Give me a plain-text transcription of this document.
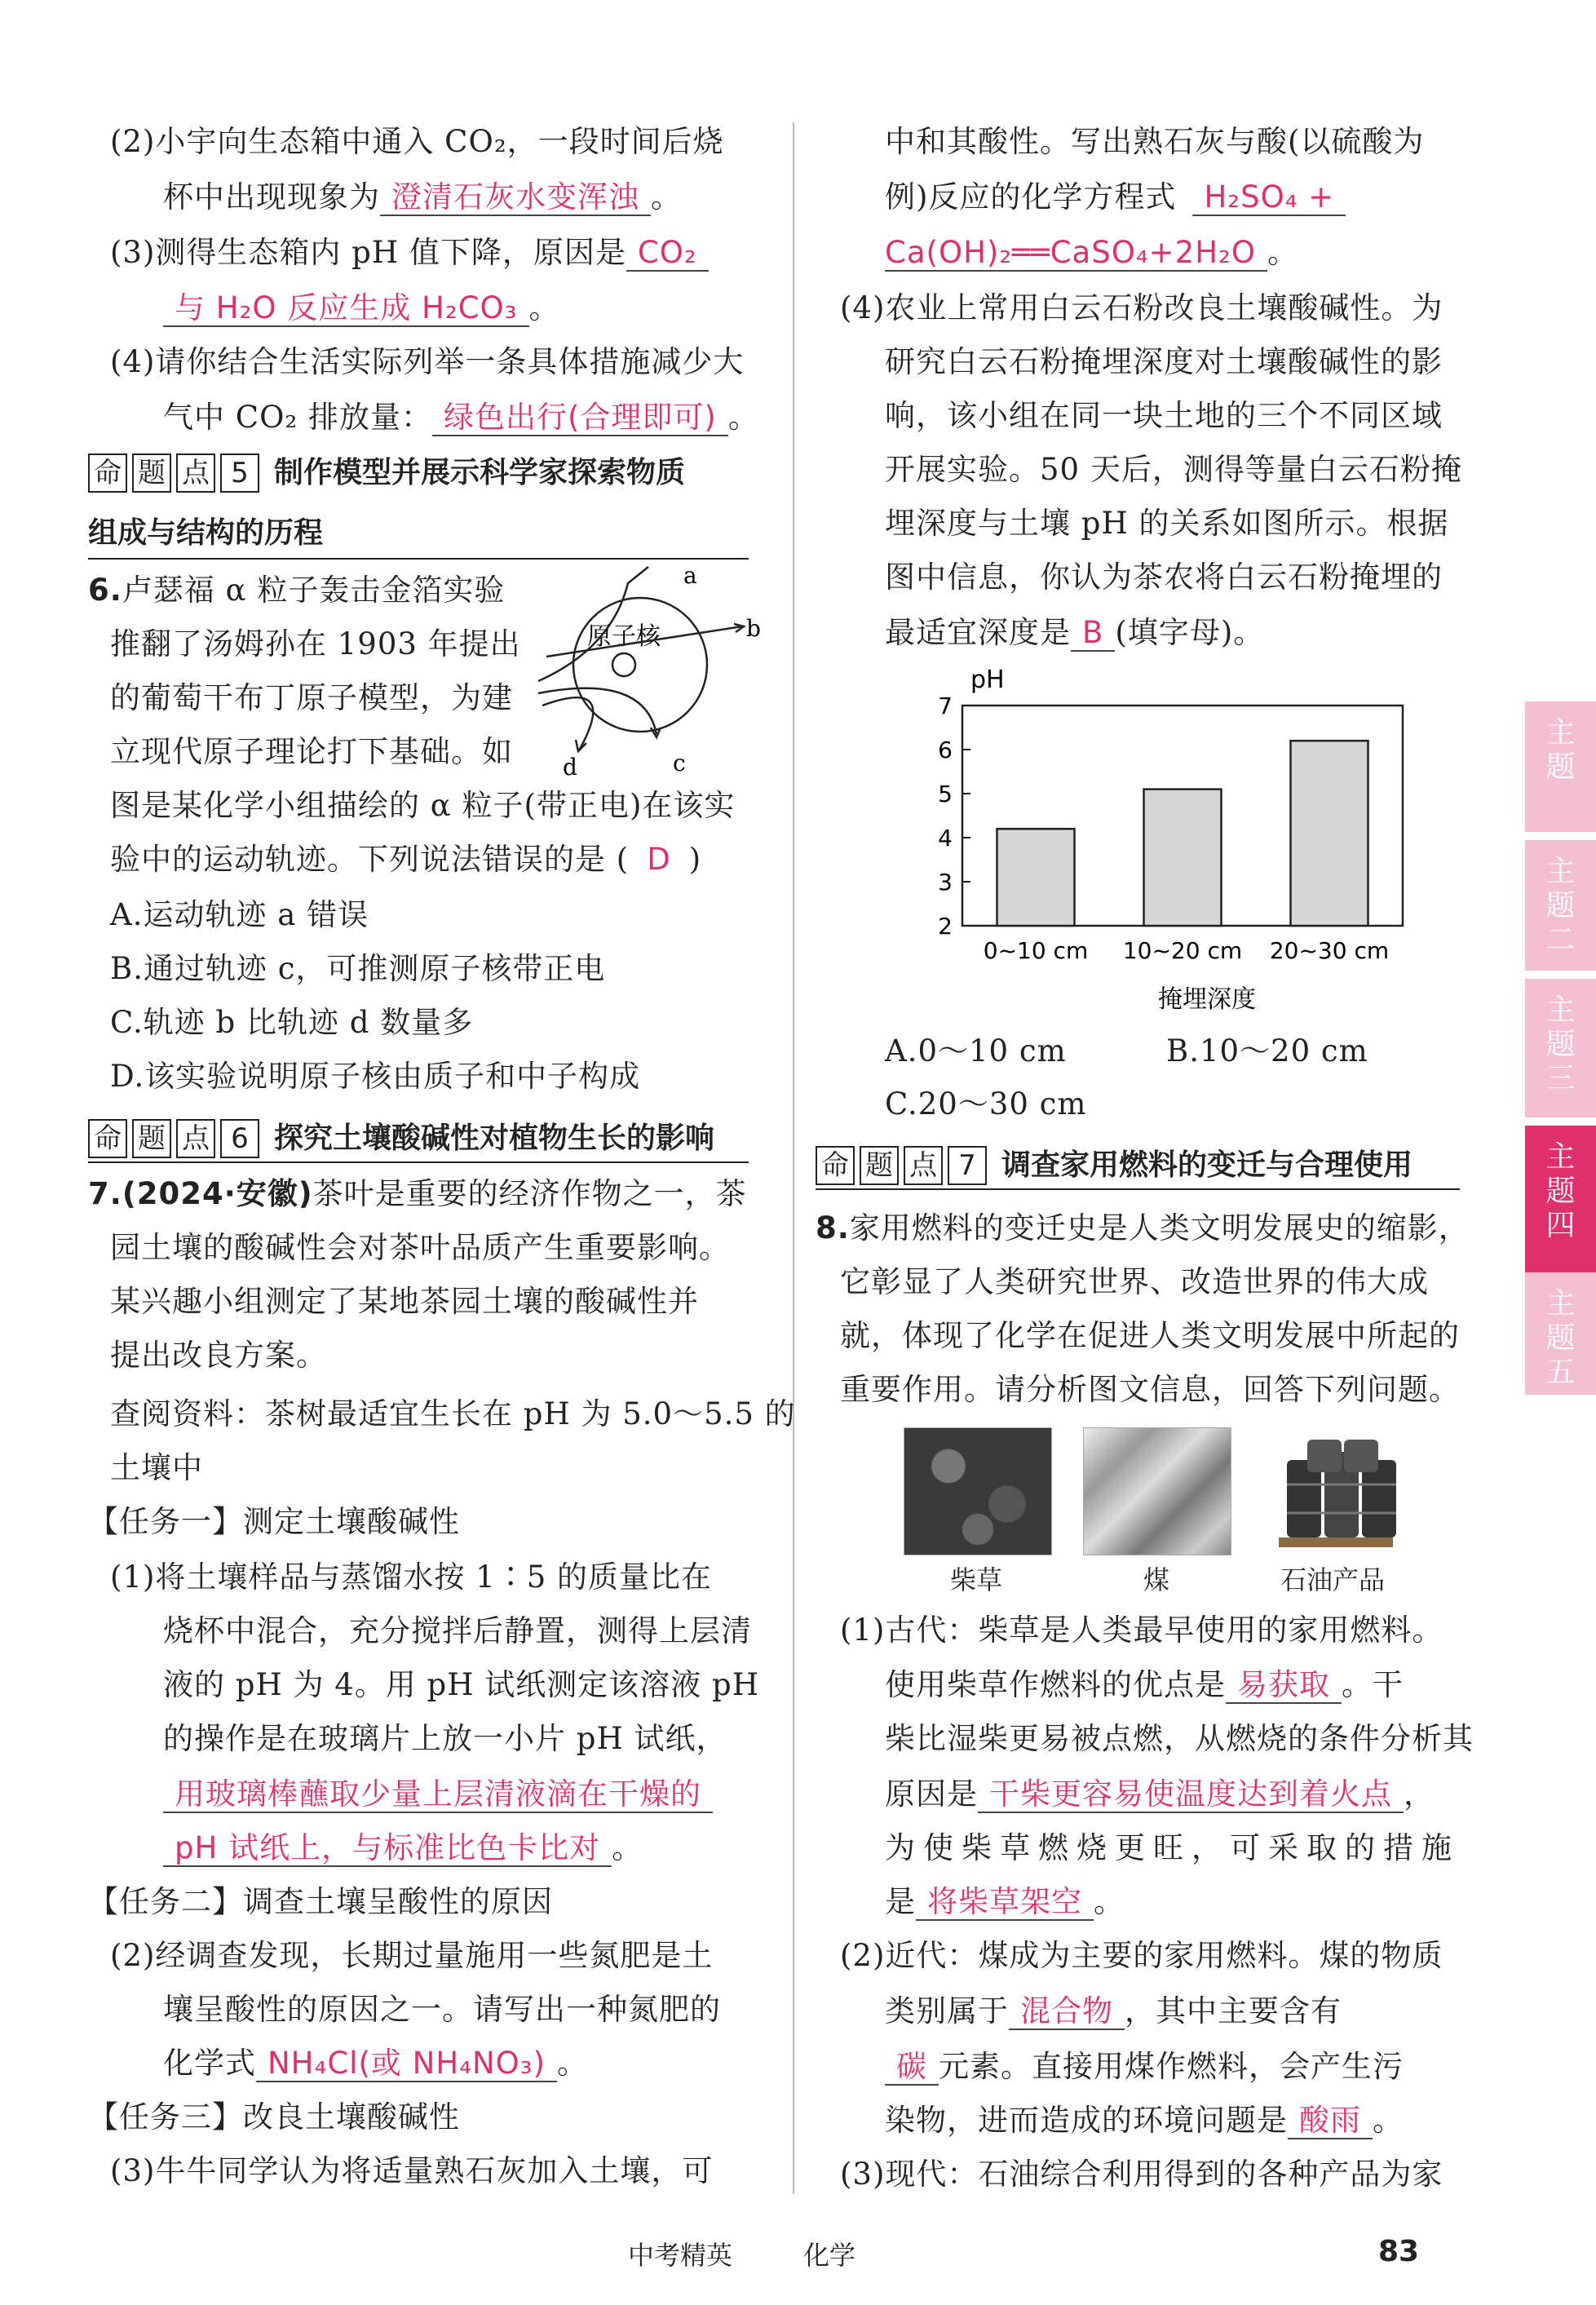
(2)小宇向生态箱中通入 CO₂，一段时间后烧
杯中出现现象为 澄清石灰水变浑浊 。
(3)测得生态箱内 pH 值下降，原因是 CO₂
与 H₂O 反应生成 H₂CO₃ 。
(4)请你结合生活实际列举一条具体措施减少大
气中 CO₂ 排放量： 绿色出行(合理即可) 。
命 题 点 5 制作模型并展示科学家探索物质
组成与结构的历程
6.卢瑟福 α 粒子轰击金箔实验
推翻了汤姆孙在 1903 年提出
的葡萄干布丁原子模型，为建
立现代原子理论打下基础。如
图是某化学小组描绘的 α 粒子(带正电)在该实
验中的运动轨迹。下列说法错误的是 ( D )
原子核
a
b
c
d
A.运动轨迹 a 错误
B.通过轨迹 c，可推测原子核带正电
C.轨迹 b 比轨迹 d 数量多
D.该实验说明原子核由质子和中子构成
命 题 点 6 探究土壤酸碱性对植物生长的影响
7.(2024·安徽)茶叶是重要的经济作物之一，茶
园土壤的酸碱性会对茶叶品质产生重要影响。
某兴趣小组测定了某地茶园土壤的酸碱性并
提出改良方案。
查阅资料：茶树最适宜生长在 pH 为 5.0～5.5 的
土壤中
【任务一】测定土壤酸碱性
(1)将土壤样品与蒸馏水按 1∶5 的质量比在
烧杯中混合，充分搅拌后静置，测得上层清
液的 pH 为 4。用 pH 试纸测定该溶液 pH
的操作是在玻璃片上放一小片 pH 试纸，
用玻璃棒蘸取少量上层清液滴在干燥的
pH 试纸上，与标准比色卡比对 。
【任务二】调查土壤呈酸性的原因
(2)经调查发现，长期过量施用一些氮肥是土
壤呈酸性的原因之一。请写出一种氮肥的
化学式 NH₄Cl(或 NH₄NO₃) 。
【任务三】改良土壤酸碱性
(3)牛牛同学认为将适量熟石灰加入土壤，可
中和其酸性。写出熟石灰与酸(以硫酸为
例)反应的化学方程式 H₂SO₄ +
Ca(OH)₂══CaSO₄+2H₂O 。
(4)农业上常用白云石粉改良土壤酸碱性。为
研究白云石粉掩埋深度对土壤酸碱性的影
响，该小组在同一块土地的三个不同区域
开展实验。50 天后，测得等量白云石粉掩
埋深度与土壤 pH 的关系如图所示。根据
图中信息，你认为茶农将白云石粉掩埋的
最适宜深度是 B (填字母)。
pH
掩埋深度
2
3
4
5
6
7
0~10 cm 10~20 cm 20~30 cm
A.0～10 cm	B.10～20 cm
C.20～30 cm
命 题 点 7 调查家用燃料的变迁与合理使用
8.家用燃料的变迁史是人类文明发展史的缩影，
它彰显了人类研究世界、改造世界的伟大成
就，体现了化学在促进人类文明发展中所起的
重要作用。请分析图文信息，回答下列问题。
柴草	煤	石油产品
(1)古代：柴草是人类最早使用的家用燃料。
使用柴草作燃料的优点是 易获取 。干
柴比湿柴更易被点燃，从燃烧的条件分析其
原因是 干柴更容易使温度达到着火点 ，
为使柴草燃烧更旺，可采取的措施
是 将柴草架空 。
(2)近代：煤成为主要的家用燃料。煤的物质
类别属于 混合物 ，其中主要含有
碳 元素。直接用煤作燃料，会产生污
染物，进而造成的环境问题是 酸雨 。
(3)现代：石油综合利用得到的各种产品为家
主题
主题二
主题三
主题四
主题五
中考精英	化学	83
